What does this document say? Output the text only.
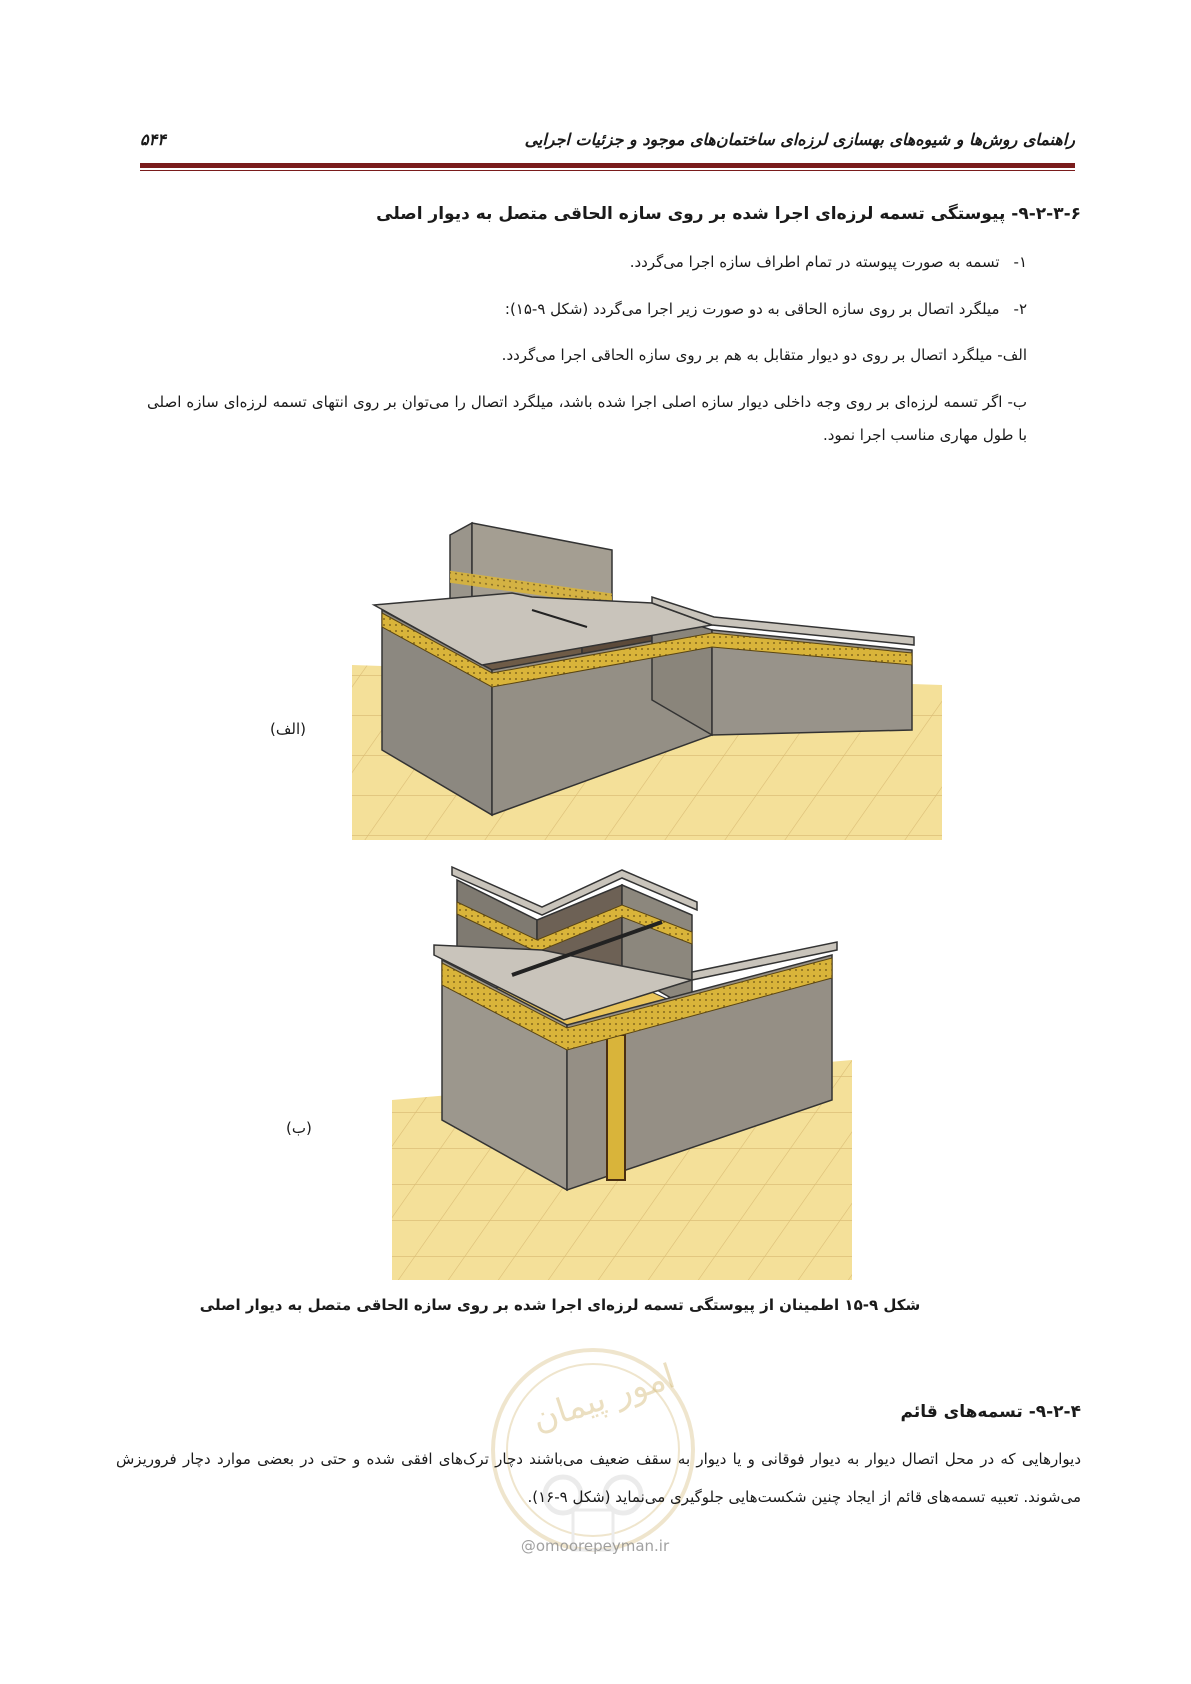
راهنمای روش‌ها و شیوه‌های بهسازی لرزه‌ای ساختمان‌های موجود و جزئیات اجرایی
۵۴۴
۹-۲-۳-۶- پیوستگی تسمه لرزه‌ای اجرا شده بر روی سازه الحاقی متصل به دیوار اصلی
۱-تسمه به صورت پیوسته در تمام اطراف سازه اجرا می‌گردد.
۲-میلگرد اتصال بر روی سازه الحاقی به دو صورت زیر اجرا می‌گردد (شکل ۹-۱۵):
الف- میلگرد اتصال بر روی دو دیوار متقابل به هم بر روی سازه الحاقی اجرا می‌گردد.
ب- اگر تسمه لرزه‌ای بر روی وجه داخلی دیوار سازه اصلی اجرا شده باشد، میلگرد اتصال را می‌توان بر روی انتهای تسمه لرزه‌ای سازه اصلی با طول مهاری مناسب اجرا نمود.
(الف)
(ب)
شکل ۹-۱۵ اطمینان از پیوستگی تسمه لرزه‌ای اجرا شده بر روی سازه الحاقی متصل به دیوار اصلی
امور پیمان
@omoorepeyman.ir
۹-۲-۴- تسمه‌های قائم
دیوارهایی که در محل اتصال دیوار به دیوار فوقانی و یا دیوار به سقف ضعیف می‌باشند دچار ترک‌های افقی شده و حتی در بعضی موارد دچار فروریزش می‌شوند. تعبیه تسمه‌های قائم از ایجاد چنین شکست‌هایی جلوگیری می‌نماید (شکل ۹-۱۶).
